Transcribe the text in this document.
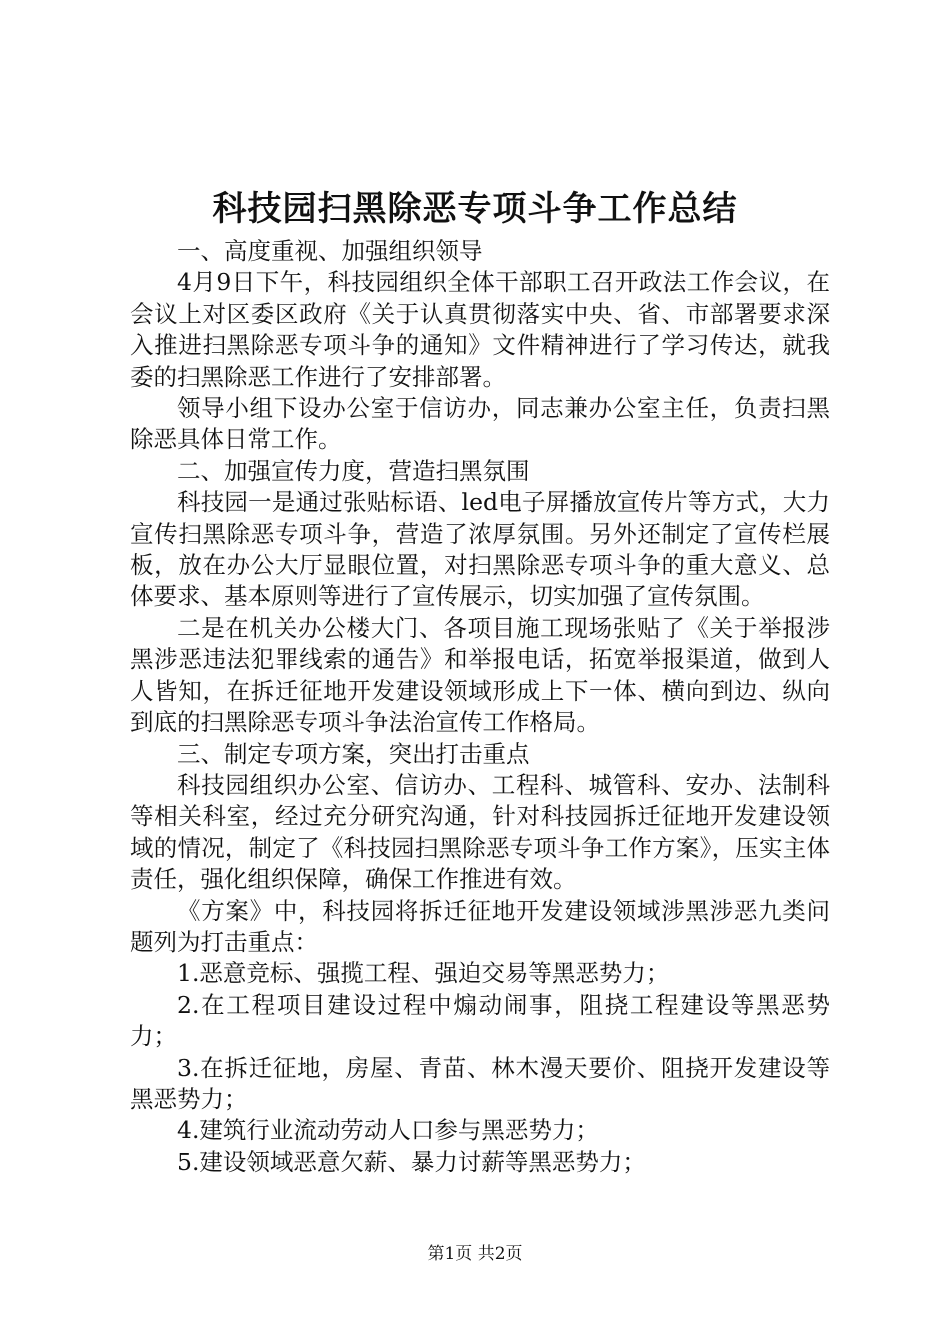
科技园扫黑除恶专项斗争工作总结

一、高度重视、加强组织领导

4月9日下午，科技园组织全体干部职工召开政法工作会议，在会议上对区委区政府《关于认真贯彻落实中央、省、市部署要求深入推进扫黑除恶专项斗争的通知》文件精神进行了学习传达，就我委的扫黑除恶工作进行了安排部署。

领导小组下设办公室于信访办，同志兼办公室主任，负责扫黑除恶具体日常工作。

二、加强宣传力度，营造扫黑氛围

科技园一是通过张贴标语、led电子屏播放宣传片等方式，大力宣传扫黑除恶专项斗争，营造了浓厚氛围。另外还制定了宣传栏展板，放在办公大厅显眼位置，对扫黑除恶专项斗争的重大意义、总体要求、基本原则等进行了宣传展示，切实加强了宣传氛围。

二是在机关办公楼大门、各项目施工现场张贴了《关于举报涉黑涉恶违法犯罪线索的通告》和举报电话，拓宽举报渠道，做到人人皆知，在拆迁征地开发建设领域形成上下一体、横向到边、纵向到底的扫黑除恶专项斗争法治宣传工作格局。

三、制定专项方案，突出打击重点

科技园组织办公室、信访办、工程科、城管科、安办、法制科等相关科室，经过充分研究沟通，针对科技园拆迁征地开发建设领域的情况，制定了《科技园扫黑除恶专项斗争工作方案》，压实主体责任，强化组织保障，确保工作推进有效。

《方案》中，科技园将拆迁征地开发建设领域涉黑涉恶九类问题列为打击重点：

1.恶意竞标、强揽工程、强迫交易等黑恶势力；

2.在工程项目建设过程中煽动闹事，阻挠工程建设等黑恶势力；

3.在拆迁征地，房屋、青苗、林木漫天要价、阻挠开发建设等黑恶势力；

4.建筑行业流动劳动人口参与黑恶势力；

5.建设领域恶意欠薪、暴力讨薪等黑恶势力；

第1页 共2页
